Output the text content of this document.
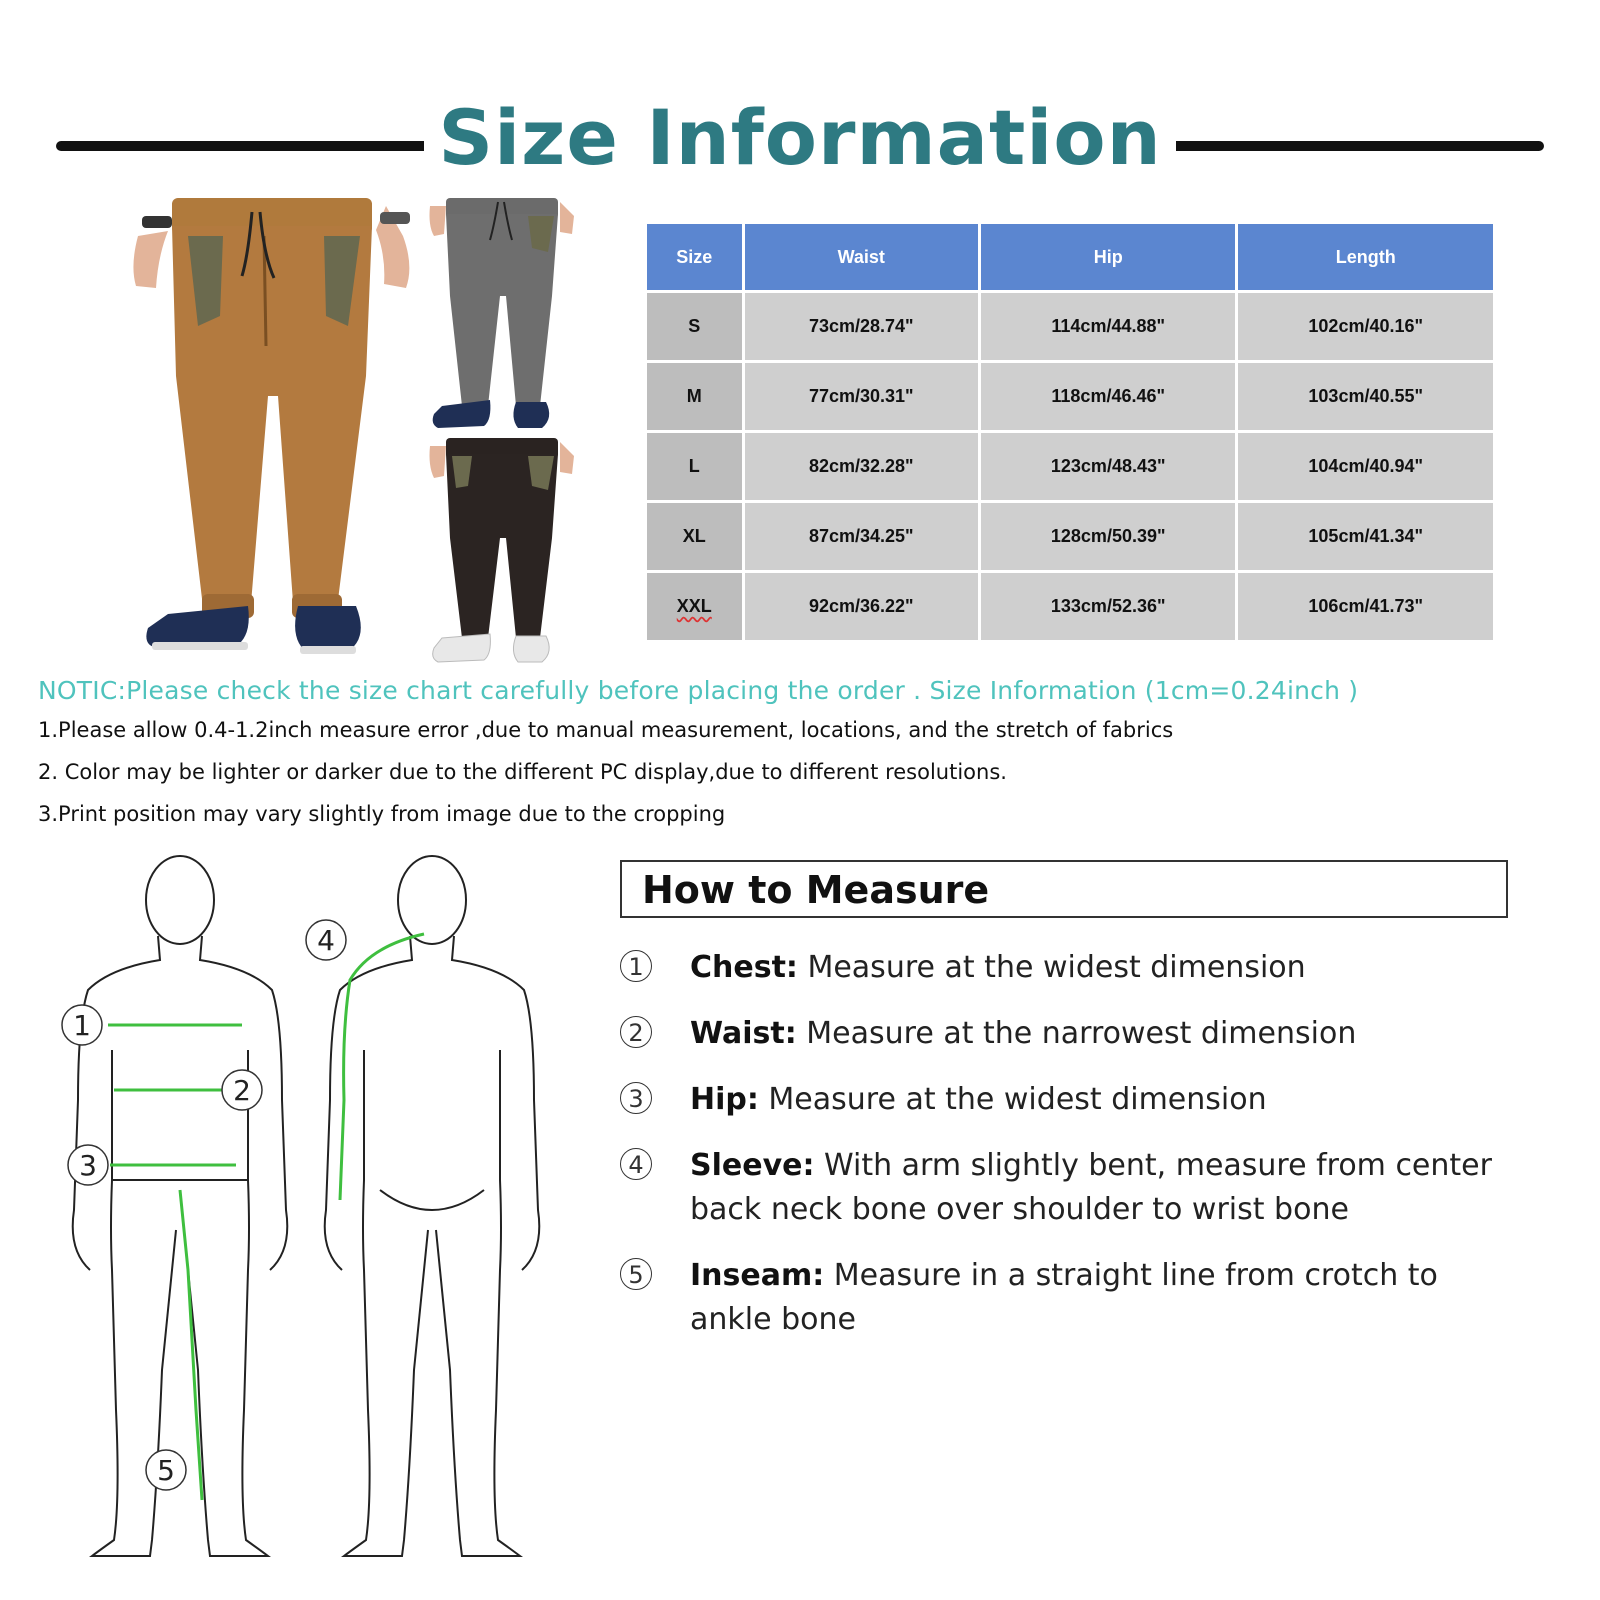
Size Information
Size	Waist	Hip	Length
S	73cm/28.74"	114cm/44.88"	102cm/40.16"
M	77cm/30.31"	118cm/46.46"	103cm/40.55"
L	82cm/32.28"	123cm/48.43"	104cm/40.94"
XL	87cm/34.25"	128cm/50.39"	105cm/41.34"
XXL	92cm/36.22"	133cm/52.36"	106cm/41.73"
NOTIC:Please check the size chart carefully before placing the order . Size Information (1cm=0.24inch )
1.Please allow 0.4-1.2inch measure error ,due to manual measurement, locations, and the stretch of fabrics
2. Color may be lighter or darker due to the different PC display,due to different resolutions.
3.Print position may vary slightly from image due to the cropping
1
2
3
4
5
How to Measure
1 Chest: Measure at the widest dimension
2 Waist: Measure at the narrowest dimension
3 Hip: Measure at the widest dimension
4 Sleeve: With arm slightly bent, measure from center back neck bone over shoulder to wrist bone
5 Inseam: Measure in a straight line from crotch to ankle bone
